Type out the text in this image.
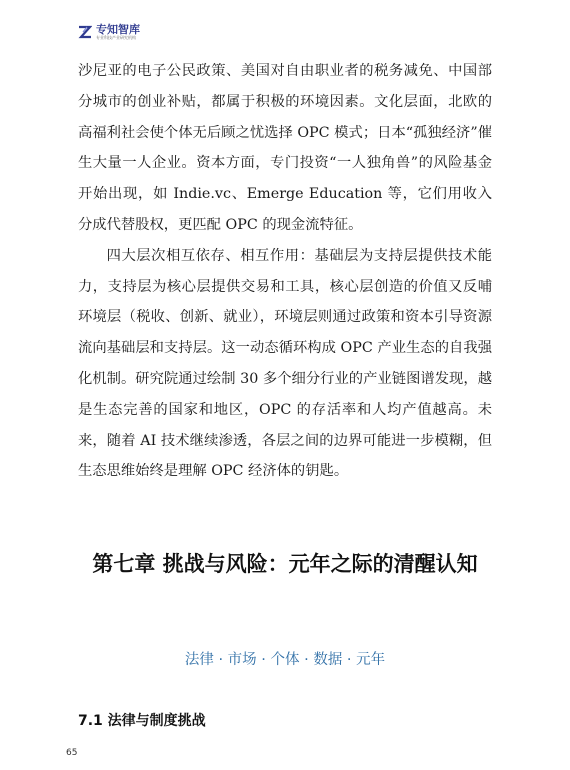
专知智库
专业科技产业研究机构

沙尼亚的电子公民政策、美国对自由职业者的税务减免、中国部分城市的创业补贴，都属于积极的环境因素。文化层面，北欧的高福利社会使个体无后顾之忧选择 OPC 模式；日本“孤独经济”催生大量一人企业。资本方面，专门投资“一人独角兽”的风险基金开始出现，如 Indie.vc、Emerge Education 等，它们用收入分成代替股权，更匹配 OPC 的现金流特征。

四大层次相互依存、相互作用：基础层为支持层提供技术能力，支持层为核心层提供交易和工具，核心层创造的价值又反哺环境层（税收、创新、就业），环境层则通过政策和资本引导资源流向基础层和支持层。这一动态循环构成 OPC 产业生态的自我强化机制。研究院通过绘制 30 多个细分行业的产业链图谱发现，越是生态完善的国家和地区，OPC 的存活率和人均产值越高。未来，随着 AI 技术继续渗透，各层之间的边界可能进一步模糊，但生态思维始终是理解 OPC 经济体的钥匙。

第七章 挑战与风险：元年之际的清醒认知
法律 · 市场 · 个体 · 数据 · 元年
7.1 法律与制度挑战
65
